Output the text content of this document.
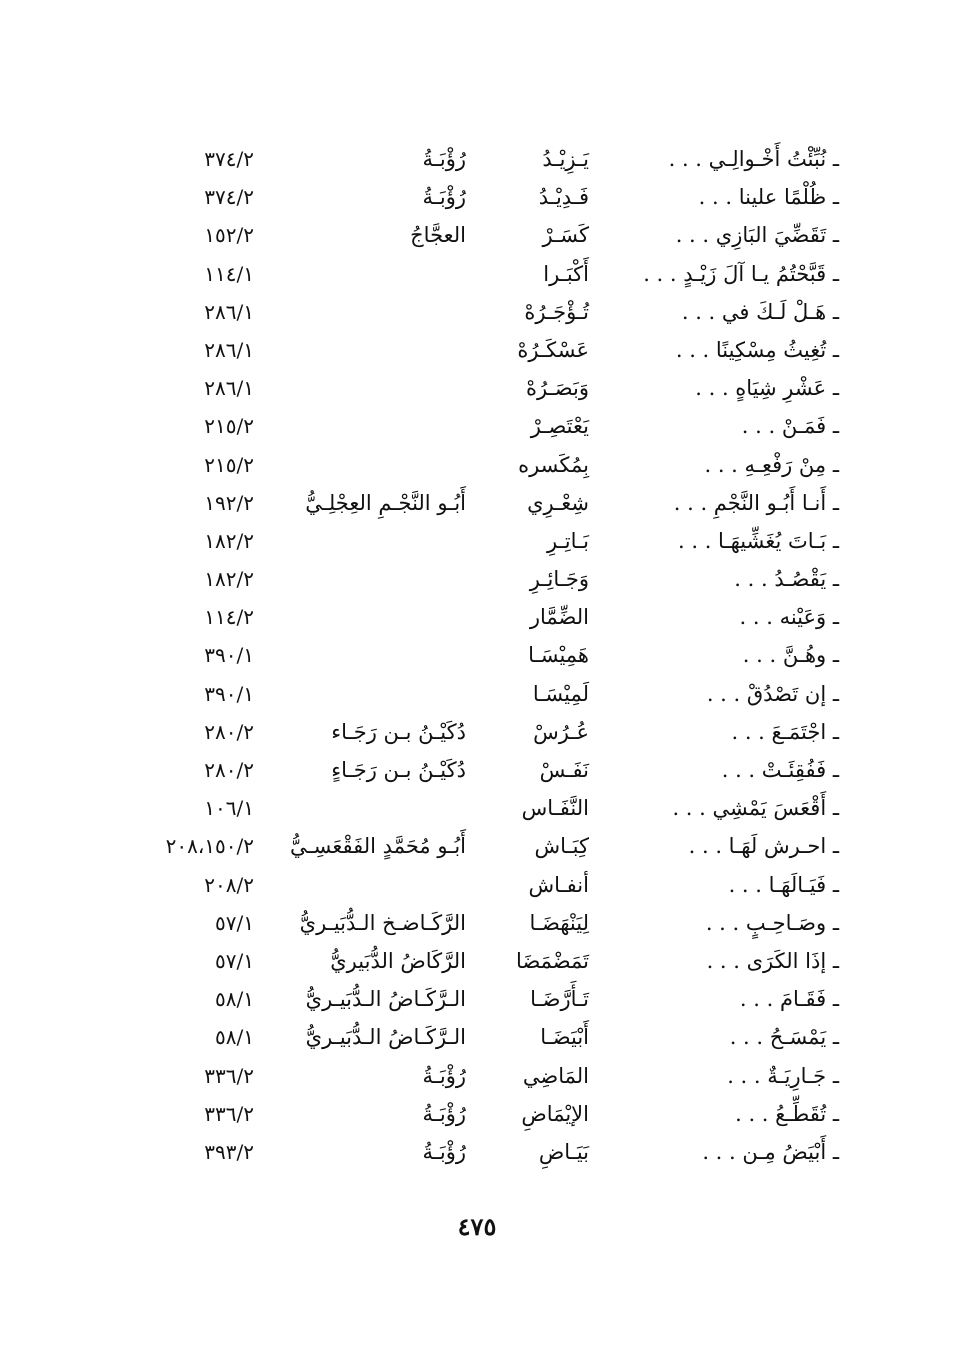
ـ نُبِّئْتُ أَخْـوالِـي . . .
يَـزِيْـدُ
رُؤْبَـةُ
٣٧٤/٢
ـ ظُلْمًا علينا . . .
فَـدِيْـدُ
رُؤْبَـةُ
٣٧٤/٢
ـ تَقَضِّيَ البَازِي . . .
كَسَـرْ
العجَّاجُ
١٥٢/٢
ـ قَبَّحْتُمُ يـا آلَ زَيْـدٍ . . .
أَكْبَـرا
١١٤/١
ـ هَـلْ لَـكَ في . . .
تُـؤْجَـرُهْ
٢٨٦/١
ـ تُغِيثُ مِسْكِينًا . . .
عَسْكَـرُهْ
٢٨٦/١
ـ عَشْرِ شِيَاهٍ . . .
وَبَصَـرُهْ
٢٨٦/١
ـ فَمَـنْ . . .
يَعْتَصِـرْ
٢١٥/٢
ـ مِنْ رَفْعِـهِ . . .
بِمُكَسره
٢١٥/٢
ـ أَنـا أَبُـو النَّجْمِ . . .
شِعْـرِي
أَبُـو النَّجْـمِ العِجْلِـيُّ
١٩٢/٢
ـ بَـاتَ يُغَشِّيهَـا . . .
بَـاتِـرِ
١٨٢/٢
ـ يَقْصُـدُ . . .
وَجَـائِـرِ
١٨٢/٢
ـ وَعَيْنه . . .
الضِّمَّار
١١٤/٢
ـ وهُـنَّ . . .
هَمِيْسَـا
٣٩٠/١
ـ إن تَصْدُقْ . . .
لَمِيْسَـا
٣٩٠/١
ـ اجْتَمَـعَ . . .
عُـرُسْ
دُكَيْـنُ بـن رَجَـاء
٢٨٠/٢
ـ فَفُقِئَـتْ . . .
نَفَـسْ
دُكَيْـنُ بـن رَجَـاءٍ
٢٨٠/٢
ـ أَقْعَسَ يَمْشِي . . .
النَّفَـاس
١٠٦/١
ـ احـرش لَهَـا . . .
كِبَـاش
أَبُـو مُحَمَّدٍ الفَقْعَسِـيُّ
٢٠٨،١٥٠/٢
ـ فَيَـالَهَـا . . .
أنفـاش
٢٠٨/٢
ـ وصَـاحِـبٍ . . .
لِيَنْهَضَـا
الرَّكَـاضـخ الـدُّبَيـريُّ
٥٧/١
ـ إذَا الكَرَى . . .
تَمَضْمَضَا
الرَّكَاضُ الدُّبَيريُّ
٥٧/١
ـ فَقَـامَ . . .
تَـأَرَّضَـا
الـرَّكَـاضُ الـدُّبَيـريُّ
٥٨/١
ـ يَمْسَـحُ . . .
أَبْيَضَـا
الـرَّكَـاضُ الـدُّبَيـريُّ
٥٨/١
ـ جَـارِيَـةٌ . . .
المَاضِي
رُؤْبَـةُ
٣٣٦/٢
ـ تُقَطِّـعُ . . .
الإيْمَاضِ
رُؤْبَـةُ
٣٣٦/٢
ـ أَبْيَضُ مِـن . . .
بَيَـاضِ
رُؤْبَـةُ
٣٩٣/٢
٤٧٥
